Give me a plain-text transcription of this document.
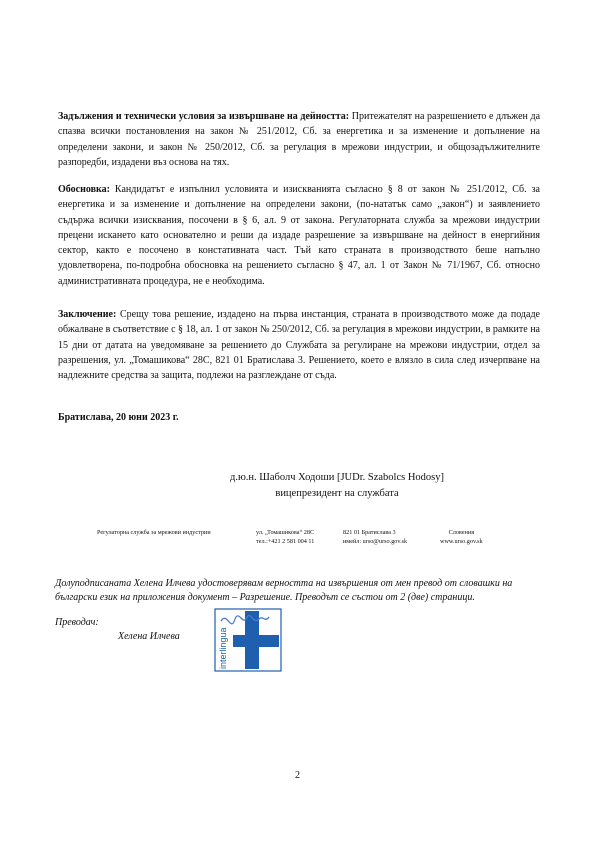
Задължения и технически условия за извършване на дейността: Притежателят на разрешението е длъжен да спазва всички постановления на закон № 251/2012, Сб. за енергетика и за изменение и допълнение на определени закони, и закон № 250/2012, Сб. за регулация в мрежови индустрии, и общозадължителните разпоредби, издадени въз основа на тях.

Обосновка: Кандидатът е изпълнил условията и изискванията съгласно § 8 от закон № 251/2012, Сб. за енергетика и за изменение и допълнение на определени закони, (по-нататък само „закон“) и заявлението съдържа всички изисквания, посочени в § 6, ал. 9 от закона. Регулаторната служба за мрежови индустрии прецени искането като основателно и реши да издаде разрешение за извършване на дейност в енергийния сектор, както е посочено в констативната част. Тъй като страната в производството беше напълно удовлетворена, по-подробна обосновка на решението съгласно § 47, ал. 1 от Закон № 71/1967, Сб. относно административната процедура, не е необходима.

Заключение: Срещу това решение, издадено на първа инстанция, страната в производството може да подаде обжалване в съответствие с § 18, ал. 1 от закон № 250/2012, Сб. за регулация в мрежови индустрии, в рамките на 15 дни от датата на уведомяване за решението до Службата за регулиране на мрежови индустрии, отдел за разрешения, ул. „Томашикова“ 28C, 821 01 Братислава 3. Решението, което е влязло в сила след изчерпване на надлежните средства за защита, подлежи на разглеждане от съда.

Братислава, 20 юни 2023 г.
д.ю.н. Шаболч Ходоши [JUDr. Szabolcs Hodosy]
вицепрезидент на службата
Регулаторна служба за мрежови индустрии	ул. „Томашикова“ 28С
тел.:+421 2 581 004 11
821 01 Братислава 3
имейл: urso@urso.gov.sk
Словения
www.urso.gov.sk

Долуподписаната Хелена Илчева удостоверявам верността на извършения от мен превод от словашки на български език на приложения документ – Разрешение. Преводът се състои от 2 (две) страници.

Преводач:
Хелена Илчева	interlingua
2
